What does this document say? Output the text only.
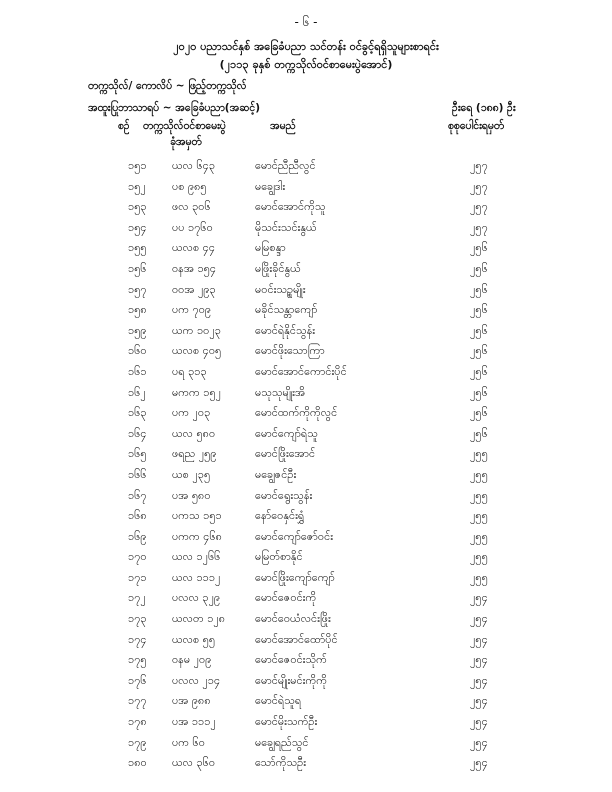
- ၆ -
၂၀၂၀ ပညာသင်နှစ် အခြေခံပညာ သင်တန်း ဝင်ခွင့်ရရှိသူများစာရင်း
(၂၁၁၃ ခုနှစ် တက္ကသိုလ်ဝင်စာမေးပွဲအောင်)
တက္ကသိုလ်/ ကောလိပ် ~ ဖြည့်တက္ကသိုလ်
အထူးပြုဘာသာရပ် ~ အခြေခံပညာ(အဆင့်)	ဦးရေ (၁၈၈) ဦး
စဉ် တက္ကသိုလ်ဝင်စာမေးပွဲ
ခုံအမှတ်
အမည်	စုစုပေါင်းရမှတ်
၁၅၁ ယလ ၆၄၃	မောင်ညီညီလွင်	၂၅၇
၁၅၂ ပစ ၉၈၅	မချွေဒါး	၂၅၇
၁၅၃ ဖလ ၃၀၆	မောင်အောင်ကိုသူ	၂၅၇
၁၅၄ ပပ ၁၇၆၀	မိုသင်းသင်းနွယ်	၂၅၇
၁၅၅ ယလစ ၄၄	မမြစန္ဒာ	၂၅၆
၁၅၆ ဝနအ ၁၅၄	မဖြိုးခိုင်နွယ်	၂၅၆
၁၅၇ ဝဝအ ၂၉၃	မဝင်းသဉ္စမျိုး	၂၅၆
၁၅၈ ပက ၇၀၉	မခိုင်သန္တာကျော်	၂၅၆
၁၅၉ ယက ၁၀၂၃	မောင်ရဲနိုင်သွန်း	၂၅၆
၁၆၀ ယလစ ၄၀၅	မောင်ဖိုးသောကြာ	၂၅၆
၁၆၁ ပရ ၃၁၃	မောင်အောင်ကောင်းပိုင်	၂၅၆
၁၆၂ မကက ၁၅၂	မသုသုမျိုးအိ	၂၅၆
၁၆၃ ပက ၂၀၃	မောင်ထက်ကိုကိုလွင်	၂၅၆
၁၆၄ ယလ ၅၈၀	မောင်ကျော်ရဲသူ	၂၅၆
၁၆၅ ဖရည ၂၅၉	မောင်ဖြိုးအောင်	၂၅၅
၁၆၆ ယစ ၂၃၅	မချွေဇင်ဦး	၂၅၅
၁၆၇ ပအ ၅၈၀	မောင်ရွေးသွန်း	၂၅၅
၁၆၈ ပကသ ၁၅၁	နော်ဝေနှင်းရွှံ	၂၅၅
၁၆၉ ပကက ၄၆၈	မောင်ကျော်ဇော်ဝင်း	၂၅၅
၁၇၀ ယလ ၁၂၆၆	မမြတ်စာနိုင်	၂၅၅
၁၇၁ ယလ ၁၁၁၂	မောင်ဖြိုးကျော်ကျော်	၂၅၅
၁၇၂ ပလလ ၃၂၉	မောင်ဇေဝင်းကို	၂၅၄
၁၇၃ ယလတ ၁၂၈	မောင်ဝေယံလင်းဖြိုး	၂၅၄
၁၇၄ ယလစ ၅၅	မောင်အောင်ထော်ပိုင်	၂၅၄
၁၇၅ ဝနမ ၂၀၉	မောင်ဇေဝင်းသိုက်	၂၅၄
၁၇၆ ပလလ ၂၁၄	မောင်မျိုးမင်းကိုကို	၂၅၄
၁၇၇ ပအ ၉၈၈	မောင်ရဲသူရ	၂၅၄
၁၇၈ ပအ ၁၁၁၂	မောင်မိုးသက်ဦး	၂၅၄
၁၇၉ ပက ၆၀	မချွေရည်သွင်	၂၅၄
၁၈၀ ယလ ၃၆၀	သော်ကိုသဦး	၂၅၄
